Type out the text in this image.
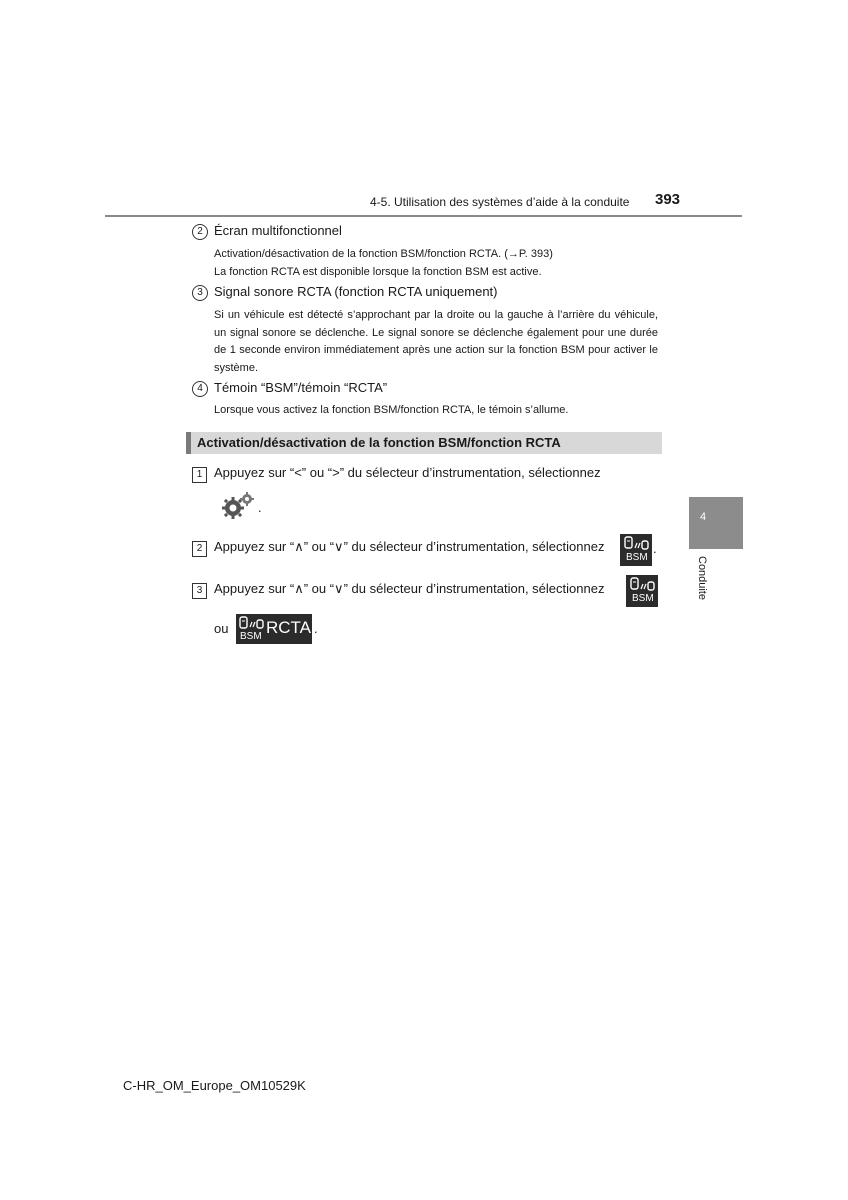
4-5. Utilisation des systèmes d’aide à la conduite 393
2 Écran multifonctionnel

Activation/désactivation de la fonction BSM/fonction RCTA. (→P. 393)

La fonction RCTA est disponible lorsque la fonction BSM est active.

3 Signal sonore RCTA (fonction RCTA uniquement)

Si un véhicule est détecté s’approchant par la droite ou la gauche à l’arrière du véhicule, un signal sonore se déclenche. Le signal sonore se déclenche également pour une durée de 1 seconde environ immédiatement après une action sur la fonction BSM pour activer le système.

4 Témoin “BSM”/témoin “RCTA”

Lorsque vous activez la fonction BSM/fonction RCTA, le témoin s’allume.

Activation/désactivation de la fonction BSM/fonction RCTA
1 Appuyez sur “<” ou “>” du sélecteur d’instrumentation, sélectionnez
.
2 Appuyez sur “∧” ou “∨” du sélecteur d’instrumentation, sélectionnez
BSM
.
3 Appuyez sur “∧” ou “∨” du sélecteur d’instrumentation, sélectionnez
BSM
ou
BSM RCTA .
4
Conduite
C-HR_OM_Europe_OM10529K
